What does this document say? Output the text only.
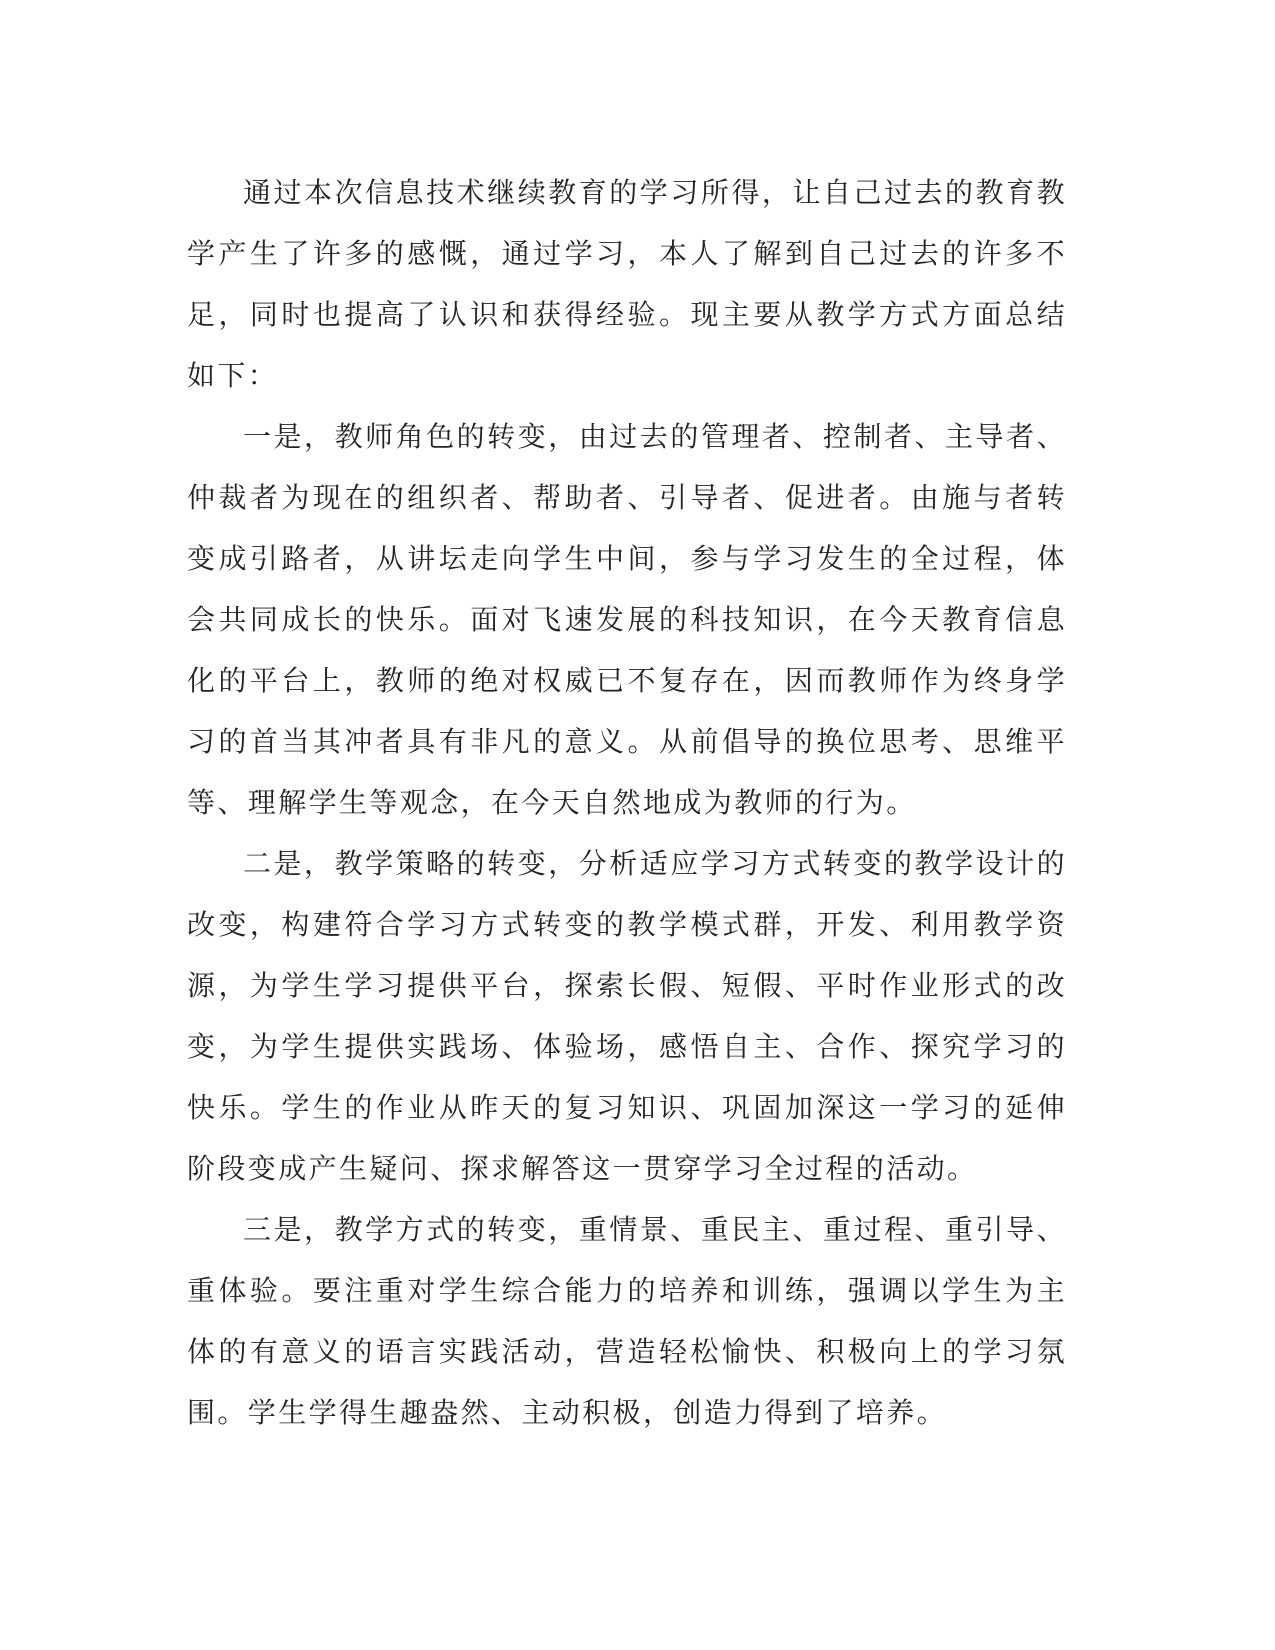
通过本次信息技术继续教育的学习所得，让自己过去的教育教学产生了许多的感慨，通过学习，本人了解到自己过去的许多不足，同时也提高了认识和获得经验。现主要从教学方式方面总结如下：

一是，教师角色的转变，由过去的管理者、控制者、主导者、仲裁者为现在的组织者、帮助者、引导者、促进者。由施与者转变成引路者，从讲坛走向学生中间，参与学习发生的全过程，体会共同成长的快乐。面对飞速发展的科技知识，在今天教育信息化的平台上，教师的绝对权威已不复存在，因而教师作为终身学习的首当其冲者具有非凡的意义。从前倡导的换位思考、思维平等、理解学生等观念，在今天自然地成为教师的行为。

二是，教学策略的转变，分析适应学习方式转变的教学设计的改变，构建符合学习方式转变的教学模式群，开发、利用教学资源，为学生学习提供平台，探索长假、短假、平时作业形式的改变，为学生提供实践场、体验场，感悟自主、合作、探究学习的快乐。学生的作业从昨天的复习知识、巩固加深这一学习的延伸阶段变成产生疑问、探求解答这一贯穿学习全过程的活动。

三是，教学方式的转变，重情景、重民主、重过程、重引导、重体验。要注重对学生综合能力的培养和训练，强调以学生为主体的有意义的语言实践活动，营造轻松愉快、积极向上的学习氛围。学生学得生趣盎然、主动积极，创造力得到了培养。
